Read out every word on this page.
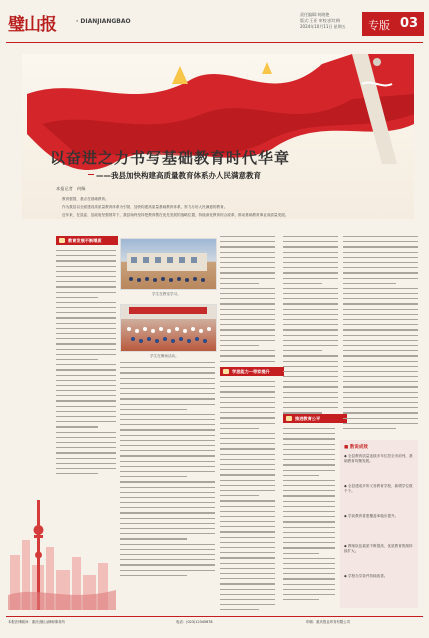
璧山报	· DIANJIANGBAO
责任编辑:何晓艳
版式:王亚 审校:彭红梅
2024年10月11日 星期五	专版 03
以奋进之力书写基础教育时代华章
——我县加快构建高质量教育体系办人民满意教育
本报记者　何佩

教育强国，基点在基础教育。

作为我县以全面建设高质量教育体系为引领，加快构建高质量基础教育体系，努力办好人民满意的教育。

近年来，在县委、县政府坚强领导下，我县始终坚持把教育摆在优先发展的战略位置，持续深化教育综合改革，推动基础教育事业高质量发展。

教育发展不断增质
学生在教室学习。
学生在操场活动。
学思能力一带家提升
推进教育公平
■ 数说成效
◆ 全县教育质量连续多年位居全市前列，基础教育均衡发展。
◆ 全县建成多所义务教育学校，新增学位数千个。
◆ 学前教育普惠覆盖率稳步提升。
◆ 教师队伍素质不断提高，优质教育资源持续扩大。
◆ 学校办学条件持续改善。
本报法律顾问：重庆(璧山)律师事务所	电话：(023)12345678	印刷：重庆报业印务有限公司
